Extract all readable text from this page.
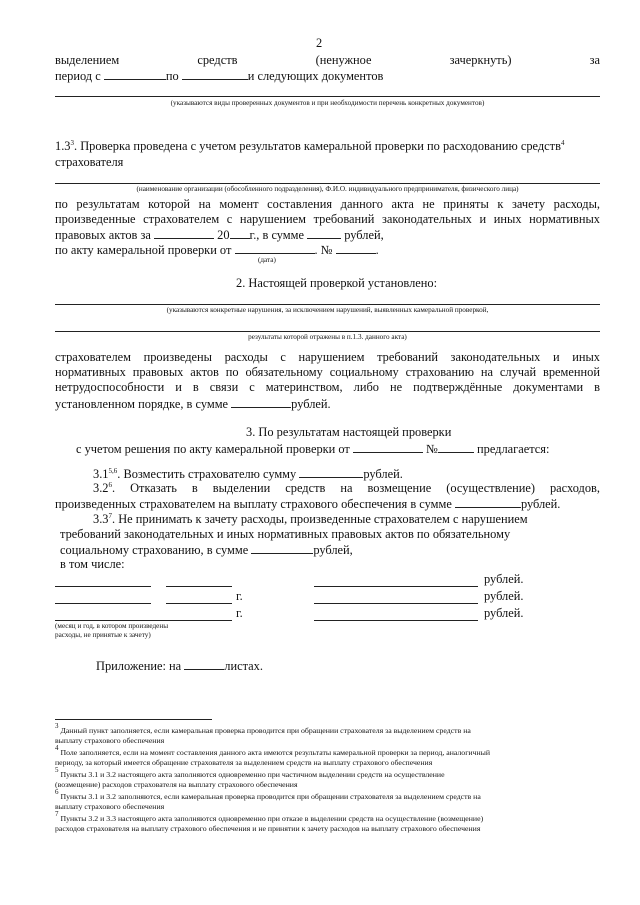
2
выделением	средств	(ненужное	зачеркнуть)	за
период с	по	и следующих документов
(указываются виды проверенных документов и при необходимости перечень конкретных документов)
$1.3^3$. Проверка проведена с учетом результатов камеральной проверки по расходованию средств$^4$
страхователя
(наименование организации (обособленного подразделения), Ф.И.О. индивидуального предпринимателя, физического лица)
по результатам которой на момент составления данного акта не приняты к зачету расходы,
произведенные страхователем с нарушением требований законодательных и иных нормативных
правовых актов за	20 г., в сумме	рублей,
по акту камеральной проверки от	. №	.
(дата)
2. Настоящей проверкой установлено:
(указываются конкретные нарушения, за исключением нарушений, выявленных камеральной проверкой,
результаты которой отражены в п.1.3. данного акта)
страхователем произведены расходы с нарушением требований законодательных и иных
нормативных правовых актов по обязательному социальному страхованию на случай временной
нетрудоспособности и в связи с материнством, либо не подтверждённые документами в
установленном порядке, в сумме	рублей.
3. По результатам настоящей проверки
с учетом решения по акту камеральной проверки от	№	предлагается:
3.1$^{5,6}$. Возместить страхователю сумму	рублей.
$3.2^6$ . Отказать в выделении средств на возмещение (осуществление) расходов,
произведенных страхователем на выплату страхового обеспечения в сумме	рублей.
$3.3^7$. Не принимать к зачету расходы, произведенные страхователем с нарушением
требований законодательных и иных нормативных правовых актов по обязательному
социальному страхованию, в сумме	рублей,
в том числе:
рублей.
г.	рублей.
г.	рублей.
(месяц и год, в котором произведены
расходы, не принятые к зачету)
Приложение: на	листах.
$^3$ Данный пункт заполняется, если камеральная проверка проводится при обращении страхователя за выделением средств на
выплату страхового обеспечения
$^4$ Поле заполняется, если на момент составления данного акта имеются результаты камеральной проверки за период, аналогичный
периоду, за который имеется обращение страхователя за выделением средств на выплату страхового обеспечения
$^5$ Пункты 3.1 и 3.2 настоящего акта заполняются одновременно при частичном выделении средств на осуществление
(возмещение) расходов страхователя на выплату страхового обеспечения
$^6$ Пункты 3.1 и 3.2 заполняются, если камеральная проверка проводится при обращении страхователя за выделением средств на
выплату страхового обеспечения
$^7$ Пункты 3.2 и 3.3 настоящего акта заполняются одновременно при отказе в выделении средств на осуществление (возмещение)
расходов страхователя на выплату страхового обеспечения и не принятии к зачету расходов на выплату страхового обеспечения
